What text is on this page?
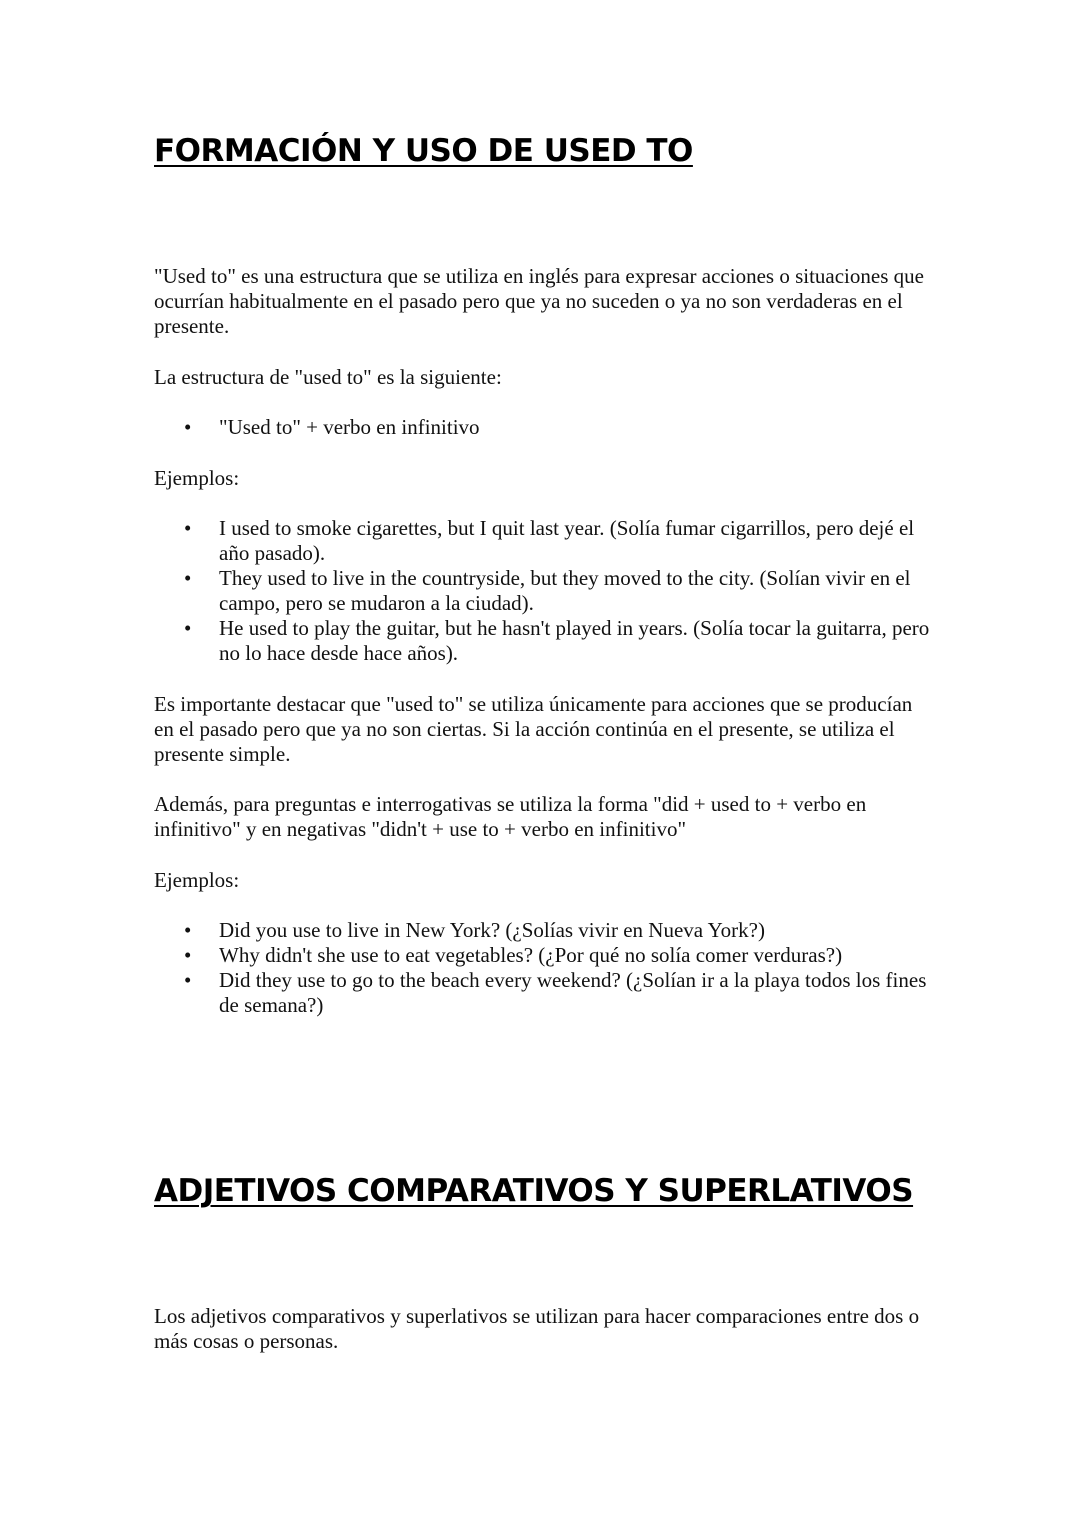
FORMACIÓN Y USO DE USED TO

"Used to" es una estructura que se utiliza en inglés para expresar acciones o situaciones que ocurrían habitualmente en el pasado pero que ya no suceden o ya no son verdaderas en el presente.

La estructura de "used to" es la siguiente:

• "Used to" + verbo en infinitivo

Ejemplos:

• I used to smoke cigarettes, but I quit last year. (Solía fumar cigarrillos, pero dejé el año pasado).
• They used to live in the countryside, but they moved to the city. (Solían vivir en el campo, pero se mudaron a la ciudad).
• He used to play the guitar, but he hasn't played in years. (Solía tocar la guitarra, pero no lo hace desde hace años).

Es importante destacar que "used to" se utiliza únicamente para acciones que se producían en el pasado pero que ya no son ciertas. Si la acción continúa en el presente, se utiliza el presente simple.

Además, para preguntas e interrogativas se utiliza la forma "did + used to + verbo en infinitivo" y en negativas "didn't + use to + verbo en infinitivo"

Ejemplos:

• Did you use to live in New York? (¿Solías vivir en Nueva York?)
• Why didn't she use to eat vegetables? (¿Por qué no solía comer verduras?)
• Did they use to go to the beach every weekend? (¿Solían ir a la playa todos los fines de semana?)
ADJETIVOS COMPARATIVOS Y SUPERLATIVOS

Los adjetivos comparativos y superlativos se utilizan para hacer comparaciones entre dos o más cosas o personas.
